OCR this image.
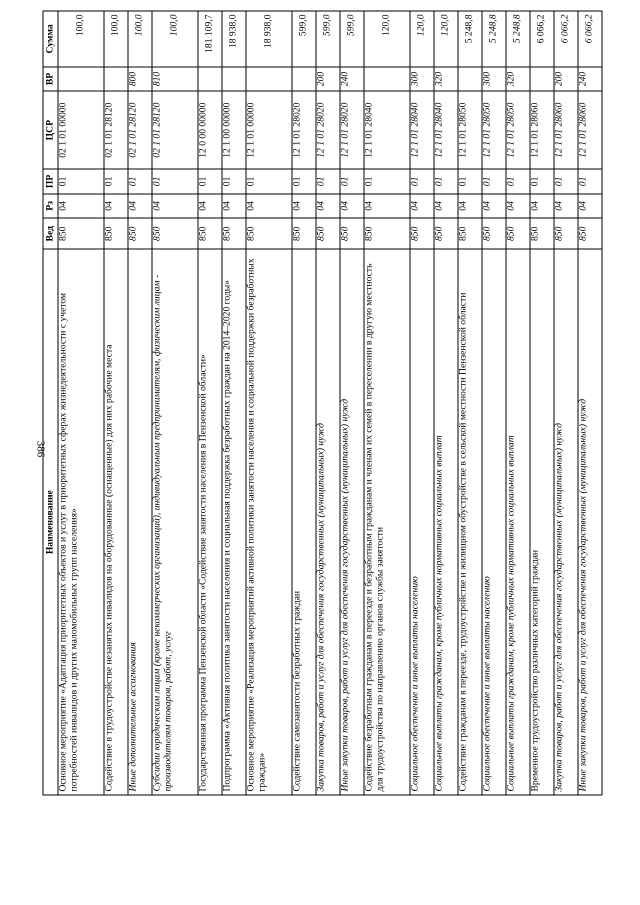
386
Наименование	Вед	Рз	ПР	ЦСР	ВР	Сумма
Основное мероприятие «Адаптация приоритетных объектов и услуг в приоритетных сферах жизнедеятельности с учетом потребностей инвалидов и других маломобильных групп населения»	850	04	01	02 1 01 00000		100,0
Содействие в трудоустройстве незанятых инвалидов на оборудованные (оснащенные) для них рабочие места	850	04	01	02 1 01 28120		100,0
Иные дополнительные ассигнования	850	04	01	02 1 01 28120	800	100,0
Субсидии юридическим лицам (кроме некоммерческих организаций), индивидуальным предпринимателям, физическим лицам - производителям товаров, работ, услуг	850	04	01	02 1 01 28120	810	100,0
Государственная программа Пензенской области «Содействие занятости населения в Пензенской области»	850	04	01	12 0 00 00000		181 109,7
Подпрограмма «Активная политика занятости населения и социальная поддержка безработных граждан на 2014–2020 годы»	850	04	01	12 1 00 00000		18 938,0
Основное мероприятие «Реализация мероприятий активной политики занятости населения и социальной поддержки безработных граждан»	850	04	01	12 1 01 00000		18 938,0
Содействие самозанятости безработных граждан	850	04	01	12 1 01 28020		599,0
Закупка товаров, работ и услуг для обеспечения государственных (муниципальных) нужд	850	04	01	12 1 01 28020	200	599,0
Иные закупки товаров, работ и услуг для обеспечения государственных (муниципальных) нужд	850	04	01	12 1 01 28020	240	599,0
Содействие безработным гражданам в переезде и безработным гражданам и членам их семей в переселении в другую местность для трудоустройства по направлению органов службы занятости	850	04	01	12 1 01 28040		120,0
Социальное обеспечение и иные выплаты населению	850	04	01	12 1 01 28040	300	120,0
Социальные выплаты гражданам, кроме публичных нормативных социальных выплат	850	04	01	12 1 01 28040	320	120,0
Содействие гражданам в переезде, трудоустройстве и жилищном обустройстве в сельской местности Пензенской области	850	04	01	12 1 01 28050		5 248,8
Социальное обеспечение и иные выплаты населению	850	04	01	12 1 01 28050	300	5 248,8
Социальные выплаты гражданам, кроме публичных нормативных социальных выплат	850	04	01	12 1 01 28050	320	5 248,8
Временное трудоустройство различных категорий граждан	850	04	01	12 1 01 28060		6 066,2
Закупка товаров, работ и услуг для обеспечения государственных (муниципальных) нужд	850	04	01	12 1 01 28060	200	6 066,2
Иные закупки товаров, работ и услуг для обеспечения государственных (муниципальных) нужд	850	04	01	12 1 01 28060	240	6 066,2
